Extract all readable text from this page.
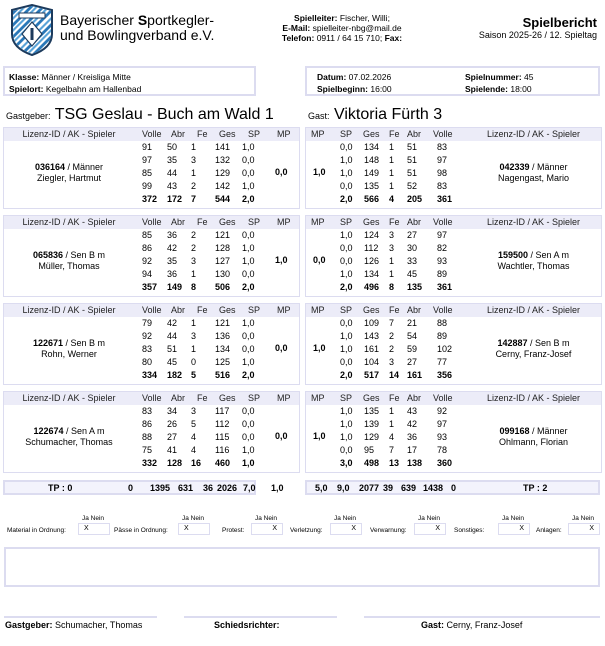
Bayerischer Sportkegler-
und Bowlingverband e.V.
Spielleiter: Fischer, Willi;
E-Mail: spielleiter-nbg@mail.de
Telefon: 0911 / 64 15 710; Fax:
Spielbericht
Saison 2025-26 / 12. Spieltag
Klasse: Männer / Kreisliga Mitte
Spielort: Kegelbahn am Hallenbad
Datum: 07.02.2026	Spielnummer: 45
Spielbeginn: 16:00	Spielende: 18:00
Gastgeber: TSG Geslau - Buch am Wald 1	Gast: Viktoria Fürth 3
Lizenz-ID / AK - Spieler	Volle Abr Fe Ges SP MP
036164 / Männer
Ziegler, Hartmut
91	50	1	141	1,0
97	35	3	132	0,0
85	44	1	129	0,0
99	43	2	142	1,0
372	172 7	544	2,0
0,0
MP SP Ges Fe Abr Volle	Lizenz-ID / AK - Spieler
1,0
0,0 134 1 51 83
1,0 148 1 51 97
1,0 149 1 51 98
0,0 135 1 52 83
2,0 566 4 205 361
042339 / Männer
Nagengast, Mario
Lizenz-ID / AK - Spieler	Volle Abr Fe Ges SP MP
065836 / Sen B m
Müller, Thomas
85	36	2	121	0,0
86	42	2	128	1,0
92	35	3	127	1,0
94	36	1	130	0,0
357	149 8	506	2,0
1,0
MP SP Ges Fe Abr Volle	Lizenz-ID / AK - Spieler
0,0
1,0 124 3 27 97
0,0 112 3 30 82
0,0 126 1 33 93
1,0 134 1 45 89
2,0 496 8 135 361
159500 / Sen A m
Wachtler, Thomas
Lizenz-ID / AK - Spieler	Volle Abr Fe Ges SP MP
122671 / Sen B m
Rohn, Werner
79	42	1	121	1,0
92	44	3	136	0,0
83	51	1	134	0,0
80	45	0	125	1,0
334	182 5	516	2,0
0,0
MP SP Ges Fe Abr Volle	Lizenz-ID / AK - Spieler
1,0
0,0 109 7 21 88
1,0 143 2 54 89
1,0 161 2 59 102
0,0 104 3 27 77
2,0 517 14 161 356
142887 / Sen B m
Cerny, Franz-Josef
Lizenz-ID / AK - Spieler	Volle Abr Fe Ges SP MP
122674 / Sen A m
Schumacher, Thomas
83	34	3	117	0,0
86	26	5	112	0,0
88	27	4	115	0,0
75	41	4	116	1,0
332	128 16	460	1,0
0,0
MP SP Ges Fe Abr Volle	Lizenz-ID / AK - Spieler
1,0
1,0 135 1 43 92
1,0 139 1 42 97
1,0 129 4 36 93
0,0 95 7 17 78
3,0 498 13 138 360
099168 / Männer
Ohlmann, Florian
TP : 0	0 1395 631 36 2026 7,0 1,0	5,0 9,0 2077 39 639 1438 0	TP : 2
Material in Ordnung:
Ja Nein
X	Pässe in Ordnung:
Ja Nein
X	Protest:
Ja Nein
X	Verletzung:
Ja Nein
X	Verwarnung:
Ja Nein
X	Sonstiges:
Ja Nein
X	Anlagen:
Ja Nein
X
Gastgeber: Schumacher, Thomas	Schiedsrichter:	Gast: Cerny, Franz-Josef
